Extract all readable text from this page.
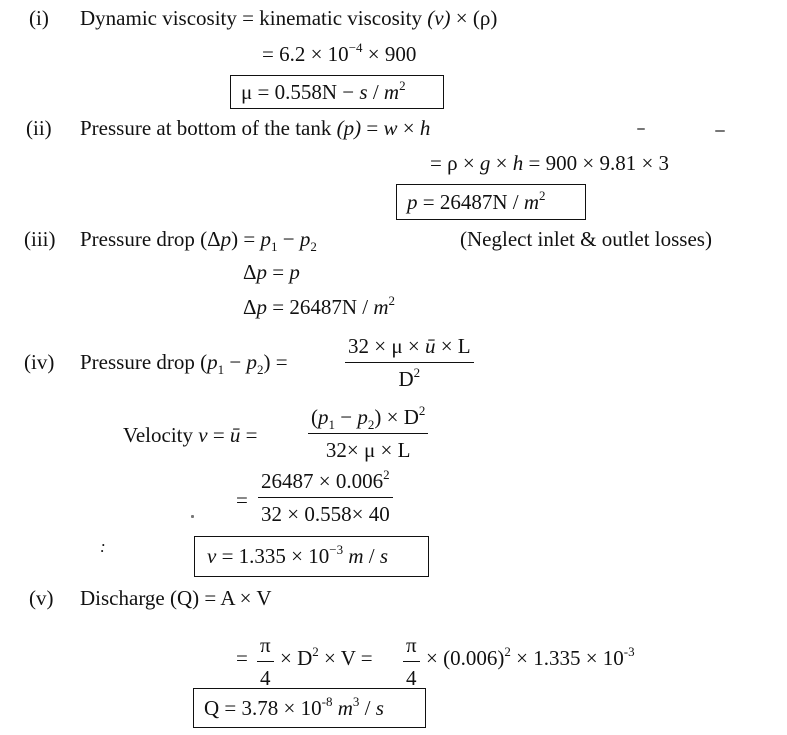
(i) Dynamic viscosity = kinematic viscosity (v) × (ρ)
= $6.2 \times 10^{-4} \times 900$
$\mu = 0.558N - s / m^2$
(ii) Pressure at bottom of the tank (p) = w × h
= ρ × g × h = 900 × 9.81 × 3
$p = 26487N / m^2$
(iii) Pressure drop $(\Delta p) = p_1 - p_2$	(Neglect inlet & outlet losses)
Δp = p
$\Delta p = 26487N / m^2$
(iv) Pressure drop $(p_1 - p_2)$ =	$\frac{32 \times \mu \times ū \times L}{D^2}$
Velocity v = ū = $\frac{(p_1 - p_2) \times D^2}{32\times \mu \times L}$
= $\frac{26487 \times 0.006^2}{32 \times 0.558\times 40}$
:	$v = 1.335 \times 10^{-3}$ m / s
(v) Discharge (Q) = A × V
= $\frac{\pi}{4} \times D^2 \times V = \frac{\pi}{4} \times (0.006)^2 \times 1.335 \times 10^{-3}$
$Q = 3.78 \times 10^{-8}$ $m^3$ / s
